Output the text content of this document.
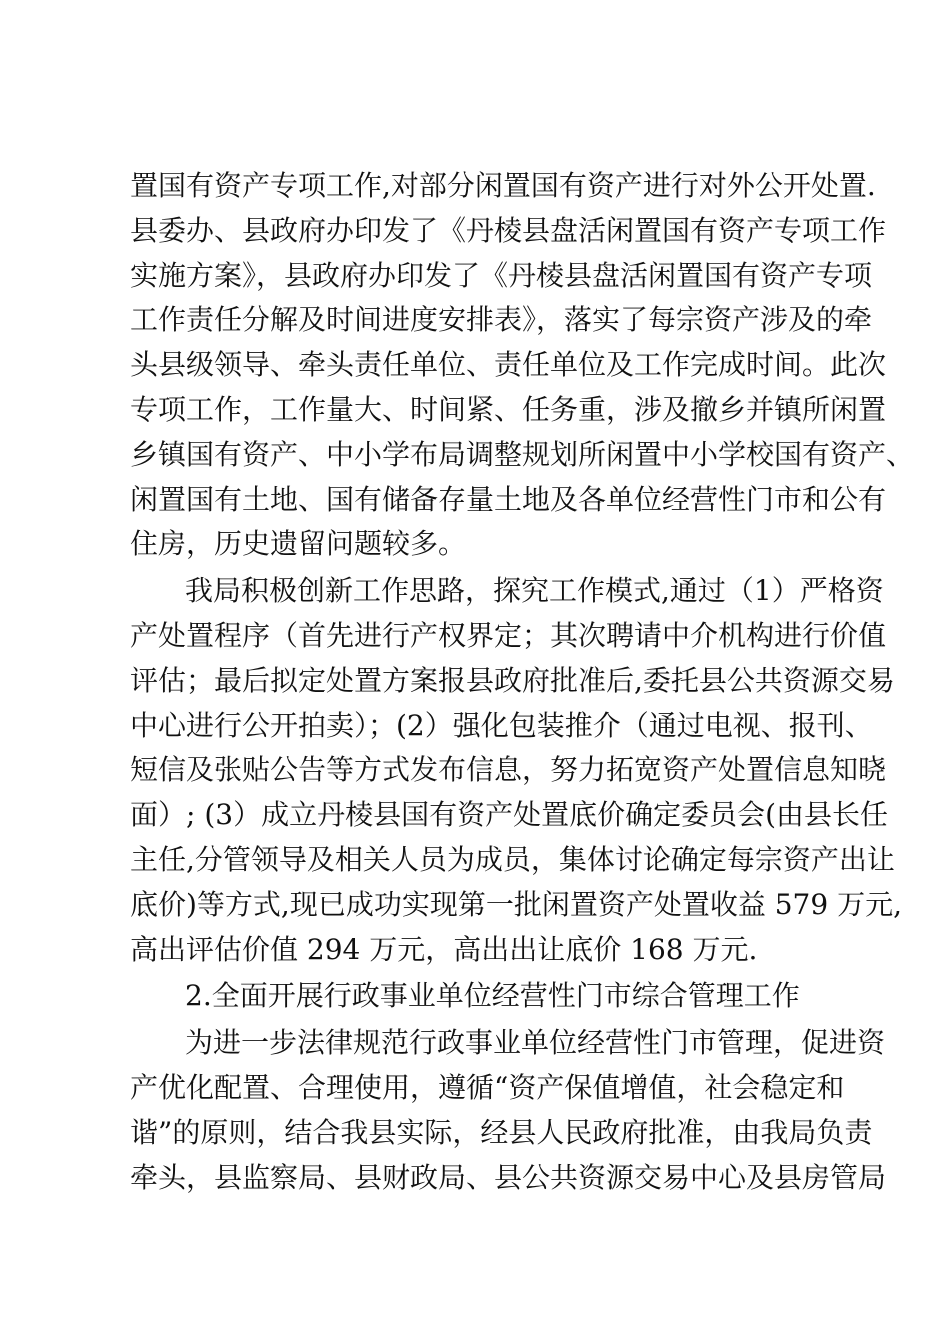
置国有资产专项工作,对部分闲置国有资产进行对外公开处置.
县委办、县政府办印发了《丹棱县盘活闲置国有资产专项工作
实施方案》，县政府办印发了《丹棱县盘活闲置国有资产专项
工作责任分解及时间进度安排表》，落实了每宗资产涉及的牵
头县级领导、牵头责任单位、责任单位及工作完成时间。此次
专项工作，工作量大、时间紧、任务重，涉及撤乡并镇所闲置
乡镇国有资产、中小学布局调整规划所闲置中小学校国有资产、
闲置国有土地、国有储备存量土地及各单位经营性门市和公有
住房，历史遗留问题较多。
我局积极创新工作思路，探究工作模式,通过（1）严格资
产处置程序（首先进行产权界定；其次聘请中介机构进行价值
评估；最后拟定处置方案报县政府批准后,委托县公共资源交易
中心进行公开拍卖）；(2）强化包装推介（通过电视、报刊、
短信及张贴公告等方式发布信息，努力拓宽资产处置信息知晓
面）; (3）成立丹棱县国有资产处置底价确定委员会(由县长任
主任,分管领导及相关人员为成员，集体讨论确定每宗资产出让
底价)等方式,现已成功实现第一批闲置资产处置收益 579 万元,
高出评估价值 294 万元，高出出让底价 168 万元.
2.全面开展行政事业单位经营性门市综合管理工作
为进一步法律规范行政事业单位经营性门市管理，促进资
产优化配置、合理使用，遵循“资产保值增值，社会稳定和
谐”的原则，结合我县实际，经县人民政府批准，由我局负责
牵头，县监察局、县财政局、县公共资源交易中心及县房管局
